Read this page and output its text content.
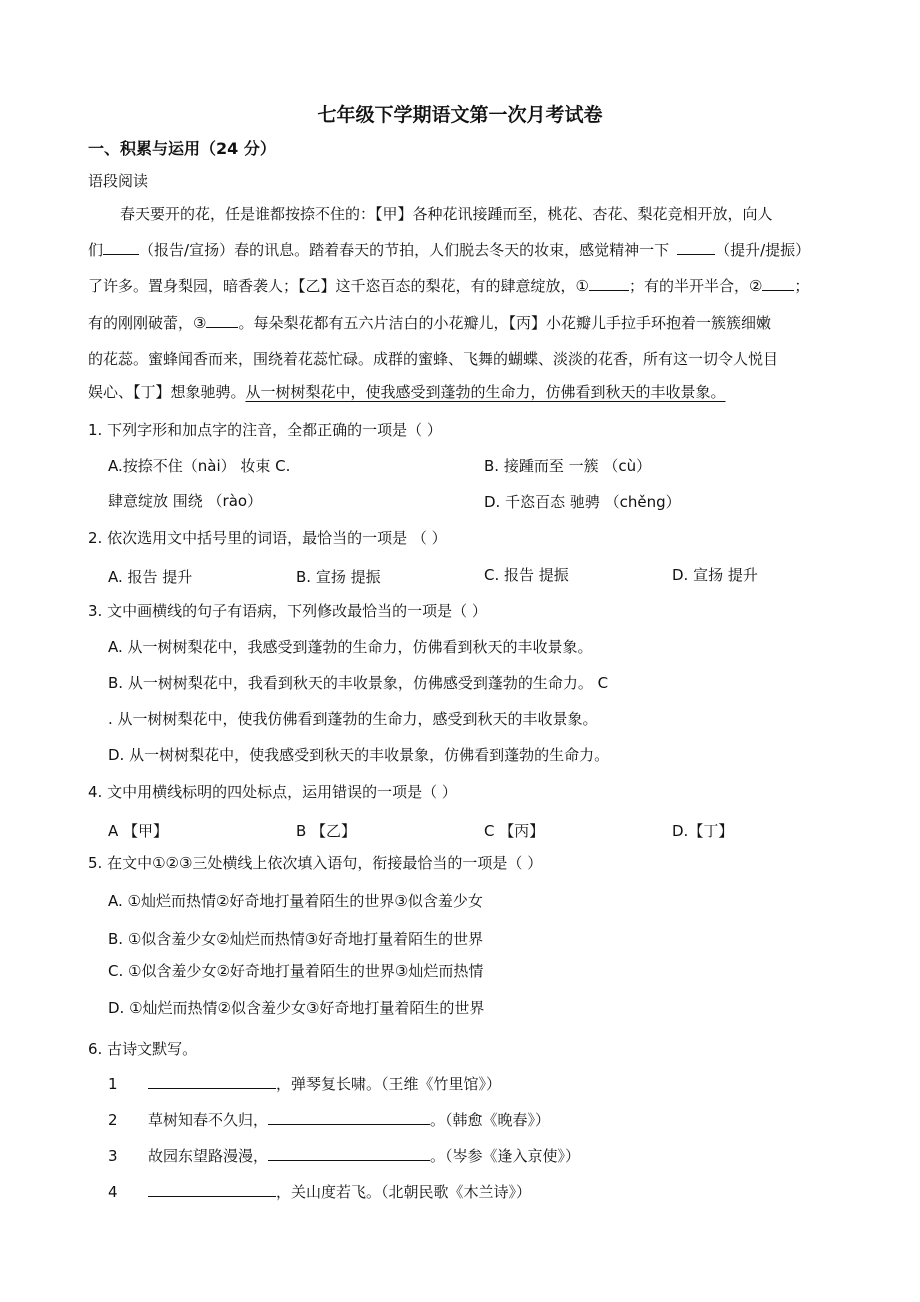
七年级下学期语文第一次月考试卷
一、积累与运用（24 分）
语段阅读
春天要开的花，任是谁都按捺不住的：【甲】各种花讯接踵而至，桃花、杏花、梨花竞相开放，向人
们 （报告/宣扬）春的讯息。踏着春天的节拍，人们脱去冬天的妆束，感觉精神一下	（提升/提振）
了许多。置身梨园，暗香袭人；【乙】这千恣百态的梨花，有的肆意绽放，①	；有的半开半合，② ；
有的刚刚破蕾，③ 。每朵梨花都有五六片洁白的小花瓣儿，【丙】小花瓣儿手拉手环抱着一簇簇细嫩
的花蕊。蜜蜂闻香而来，围绕着花蕊忙碌。成群的蜜蜂、飞舞的蝴蝶、淡淡的花香，所有这一切令人悦目
娱心、【丁】想象驰骋。从一树树梨花中，使我感受到蓬勃的生命力，仿佛看到秋天的丰收景象。
1. 下列字形和加点字的注音，全都正确的一项是（ ）
A.按捺不住（nài） 妆束 C.	B. 接踵而至 一簇 （cù）
肆意绽放 围绕 （rào）	D. 千恣百态 驰骋 （chěng）
2. 依次选用文中括号里的词语，最恰当的一项是 （ ）
A. 报告 提升	B. 宣扬 提振	C. 报告 提振	D. 宣扬 提升
3. 文中画横线的句子有语病，下列修改最恰当的一项是（ ）
A. 从一树树梨花中，我感受到蓬勃的生命力，仿佛看到秋天的丰收景象。
B. 从一树树梨花中，我看到秋天的丰收景象，仿佛感受到蓬勃的生命力。 C
. 从一树树梨花中，使我仿佛看到蓬勃的生命力，感受到秋天的丰收景象。
D. 从一树树梨花中，使我感受到秋天的丰收景象，仿佛看到蓬勃的生命力。
4. 文中用横线标明的四处标点，运用错误的一项是（ ）
A 【甲】	B 【乙】	C 【丙】	D.【丁】
5. 在文中①②③三处横线上依次填入语句，衔接最恰当的一项是（ ）
A. ①灿烂而热情②好奇地打量着陌生的世界③似含羞少女
B. ①似含羞少女②灿烂而热情③好奇地打量着陌生的世界
C. ①似含羞少女②好奇地打量着陌生的世界③灿烂而热情
D. ①灿烂而热情②似含羞少女③好奇地打量着陌生的世界
6. 古诗文默写。
1	，弹琴复长啸。（王维《竹里馆》）
2 草树知春不久归，	。（韩愈《晚春》）
3 故园东望路漫漫，	。（岑参《逢入京使》）
4	，关山度若飞。（北朝民歌《木兰诗》）
